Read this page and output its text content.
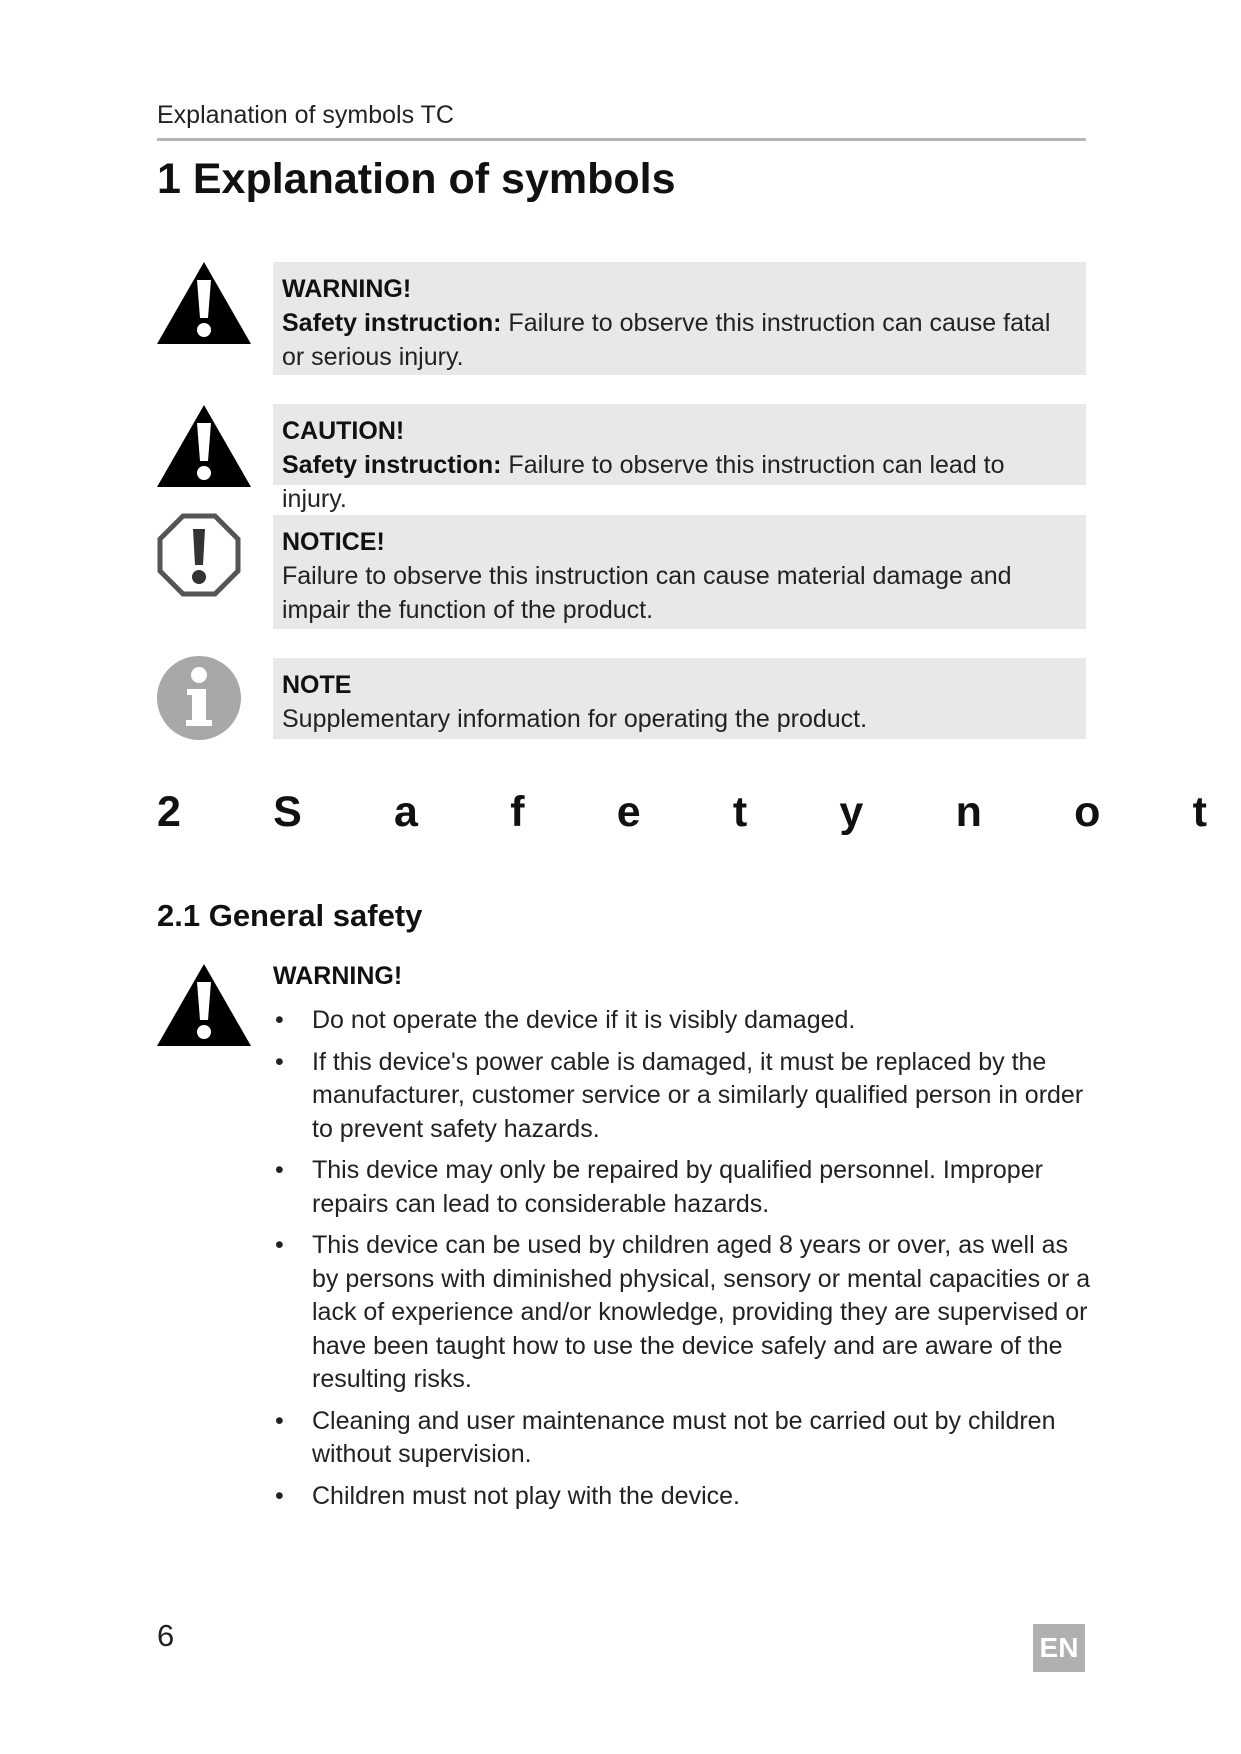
Explanation of symbols TC
1 Explanation of symbols
WARNING!
Safety instruction: Failure to observe this instruction can cause fatal or serious injury.
CAUTION!
Safety instruction: Failure to observe this instruction can lead to injury.
NOTICE!
Failure to observe this instruction can cause material damage and impair the function of the product.
NOTE
Supplementary information for operating the product.
2 S a f e t y n o t
2.1 General safety
WARNING!
• Do not operate the device if it is visibly damaged.
• If this device's power cable is damaged, it must be replaced by the manufacturer, customer service or a similarly qualified person in order to prevent safety hazards.
• This device may only be repaired by qualified personnel. Improper repairs can lead to considerable hazards.
• This device can be used by children aged 8 years or over, as well as by persons with diminished physical, sensory or mental capacities or a lack of experience and/or knowledge, providing they are supervised or have been taught how to use the device safely and are aware of the resulting risks.
• Cleaning and user maintenance must not be carried out by children without supervision.
• Children must not play with the device.
6	EN
